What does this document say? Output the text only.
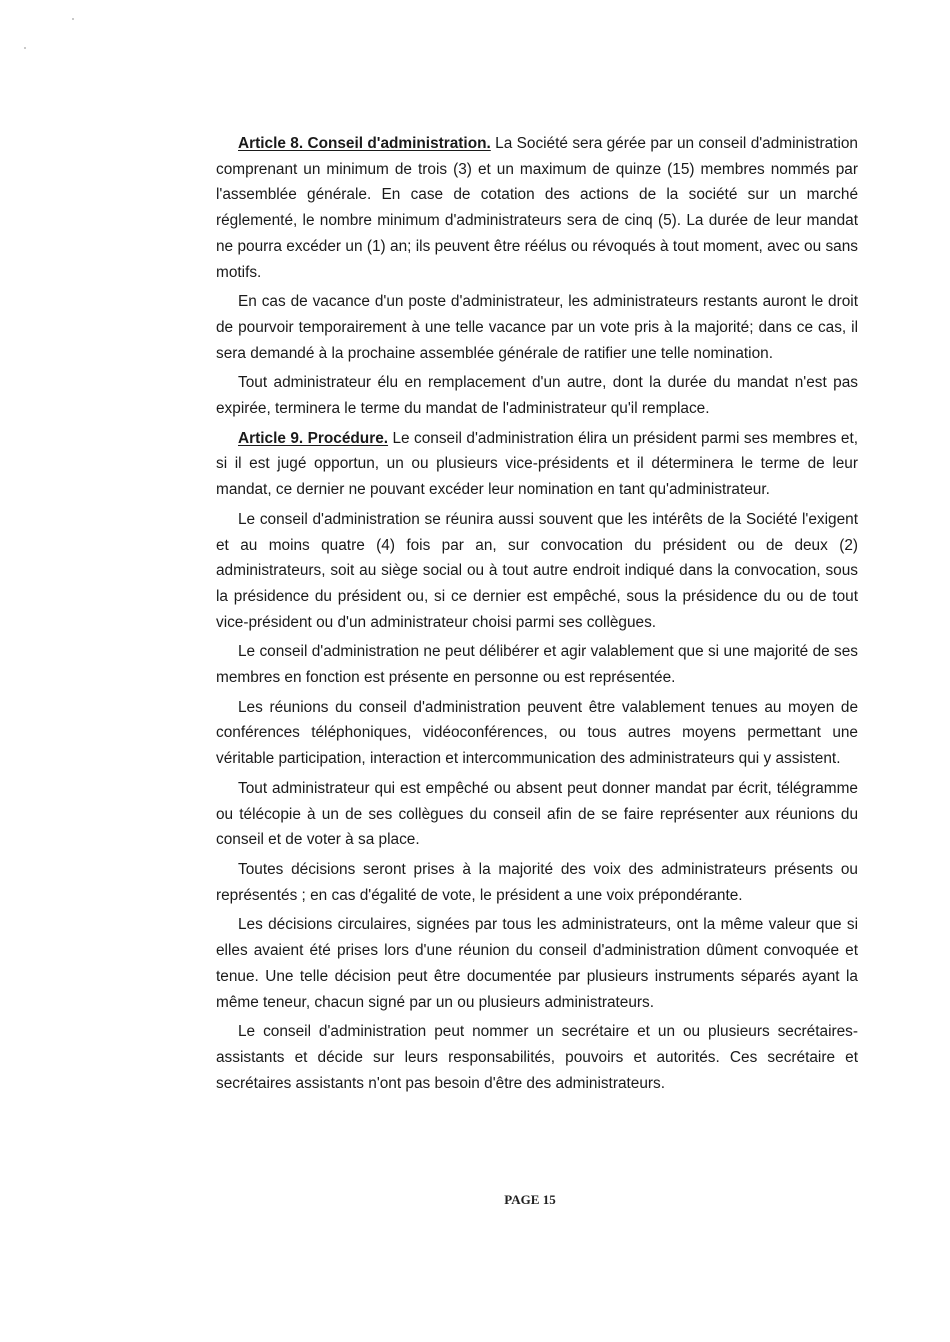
Article 8. Conseil d'administration. La Société sera gérée par un conseil d'administration comprenant un minimum de trois (3) et un maximum de quinze (15) membres nommés par l'assemblée générale. En case de cotation des actions de la société sur un marché réglementé, le nombre minimum d'administrateurs sera de cinq (5). La durée de leur mandat ne pourra excéder un (1) an; ils peuvent être réélus ou révoqués à tout moment, avec ou sans motifs.

En cas de vacance d'un poste d'administrateur, les administrateurs restants auront le droit de pourvoir temporairement à une telle vacance par un vote pris à la majorité; dans ce cas, il sera demandé à la prochaine assemblée générale de ratifier une telle nomination.

Tout administrateur élu en remplacement d'un autre, dont la durée du mandat n'est pas expirée, terminera le terme du mandat de l'administrateur qu'il remplace.

Article 9. Procédure. Le conseil d'administration élira un président parmi ses membres et, si il est jugé opportun, un ou plusieurs vice-présidents et il déterminera le terme de leur mandat, ce dernier ne pouvant excéder leur nomination en tant qu'administrateur.

Le conseil d'administration se réunira aussi souvent que les intérêts de la Société l'exigent et au moins quatre (4) fois par an, sur convocation du président ou de deux (2) administrateurs, soit au siège social ou à tout autre endroit indiqué dans la convocation, sous la présidence du président ou, si ce dernier est empêché, sous la présidence du ou de tout vice-président ou d'un administrateur choisi parmi ses collègues.

Le conseil d'administration ne peut délibérer et agir valablement que si une majorité de ses membres en fonction est présente en personne ou est représentée.

Les réunions du conseil d'administration peuvent être valablement tenues au moyen de conférences téléphoniques, vidéoconférences, ou tous autres moyens permettant une véritable participation, interaction et intercommunication des administrateurs qui y assistent.

Tout administrateur qui est empêché ou absent peut donner mandat par écrit, télégramme ou télécopie à un de ses collègues du conseil afin de se faire représenter aux réunions du conseil et de voter à sa place.

Toutes décisions seront prises à la majorité des voix des administrateurs présents ou représentés ; en cas d'égalité de vote, le président a une voix prépondérante.

Les décisions circulaires, signées par tous les administrateurs, ont la même valeur que si elles avaient été prises lors d'une réunion du conseil d'administration dûment convoquée et tenue. Une telle décision peut être documentée par plusieurs instruments séparés ayant la même teneur, chacun signé par un ou plusieurs administrateurs.

Le conseil d'administration peut nommer un secrétaire et un ou plusieurs secrétaires-assistants et décide sur leurs responsabilités, pouvoirs et autorités. Ces secrétaire et secrétaires assistants n'ont pas besoin d'être des administrateurs.

PAGE 15
